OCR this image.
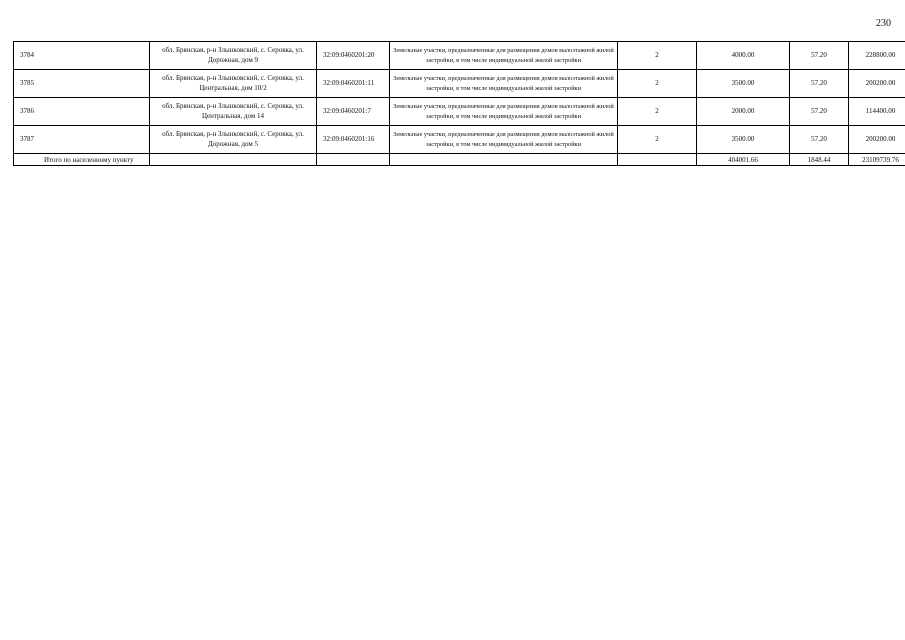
230
3784	обл. Брянская, р-н Злынковский, с. Серовка, ул. Дорожная, дом 9	32:09:0460201:20	Земельные участки, предназначенные для размещения домов малоэтажной жилой застройки, в том числе индивидуальной жилой застройки	2	4000.00	57.20	228800.00
3785	обл. Брянская, р-н Злынковский, с. Серовка, ул. Центральная, дом 10/2	32:09:0460201:11	Земельные участки, предназначенные для размещения домов малоэтажной жилой застройки, в том числе индивидуальной жилой застройки	2	3500.00	57.20	200200.00
3786	обл. Брянская, р-н Злынковский, с. Серовка, ул. Центральная, дом 14	32:09:0460201:7	Земельные участки, предназначенные для размещения домов малоэтажной жилой застройки, в том числе индивидуальной жилой застройки	2	2000.00	57.20	114400.00
3787	обл. Брянская, р-н Злынковский, с. Серовка, ул. Дорожная, дом 5	32:09:0460201:16	Земельные участки, предназначенные для размещения домов малоэтажной жилой застройки, в том числе индивидуальной жилой застройки	2	3500.00	57.20	200200.00
Итого по населенному пункту					404001.66	1848.44	23109739.76
